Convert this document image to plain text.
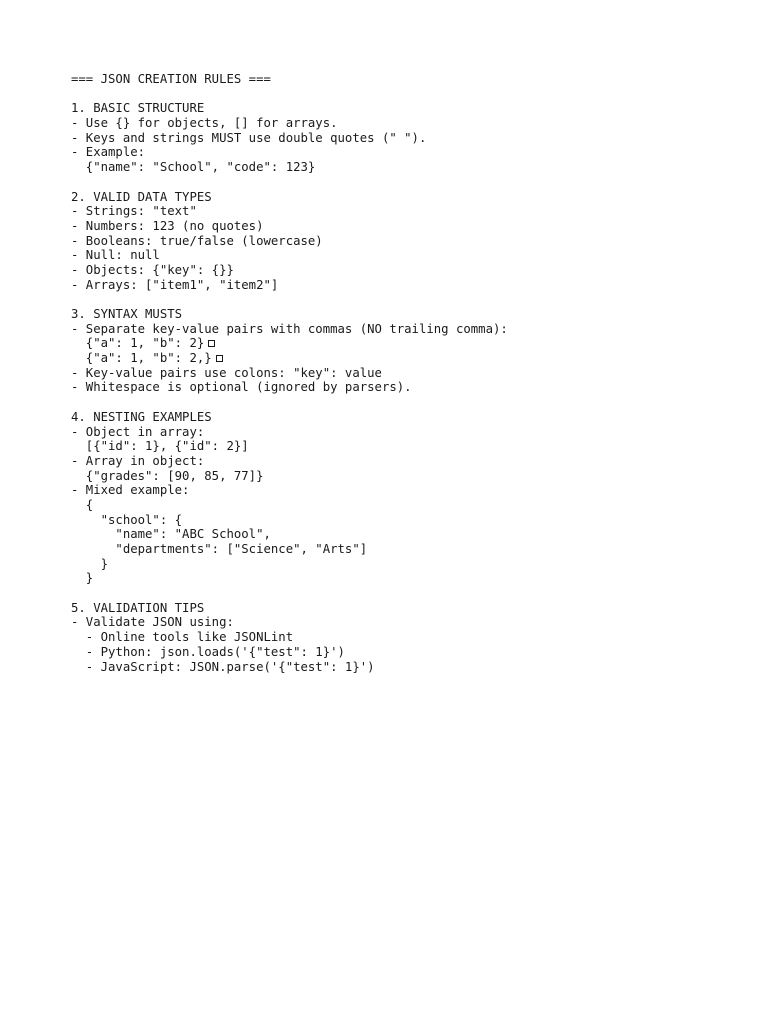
=== JSON CREATION RULES ===
1. BASIC STRUCTURE
- Use {} for objects, [] for arrays.
- Keys and strings MUST use double quotes (" ").
- Example:
{"name": "School", "code": 123}
2. VALID DATA TYPES
- Strings: "text"
- Numbers: 123 (no quotes)
- Booleans: true/false (lowercase)
- Null: null
- Objects: {"key": {}}
- Arrays: ["item1", "item2"]
3. SYNTAX MUSTS
- Separate key-value pairs with commas (NO trailing comma):
{"a": 1, "b": 2}
{"a": 1, "b": 2,}
- Key-value pairs use colons: "key": value
- Whitespace is optional (ignored by parsers).
4. NESTING EXAMPLES
- Object in array:
[{"id": 1}, {"id": 2}]
- Array in object:
{"grades": [90, 85, 77]}
- Mixed example:
{
"school": {
"name": "ABC School",
"departments": ["Science", "Arts"]
}
}
5. VALIDATION TIPS
- Validate JSON using:
- Online tools like JSONLint
- Python: json.loads('{"test": 1}')
- JavaScript: JSON.parse('{"test": 1}')
